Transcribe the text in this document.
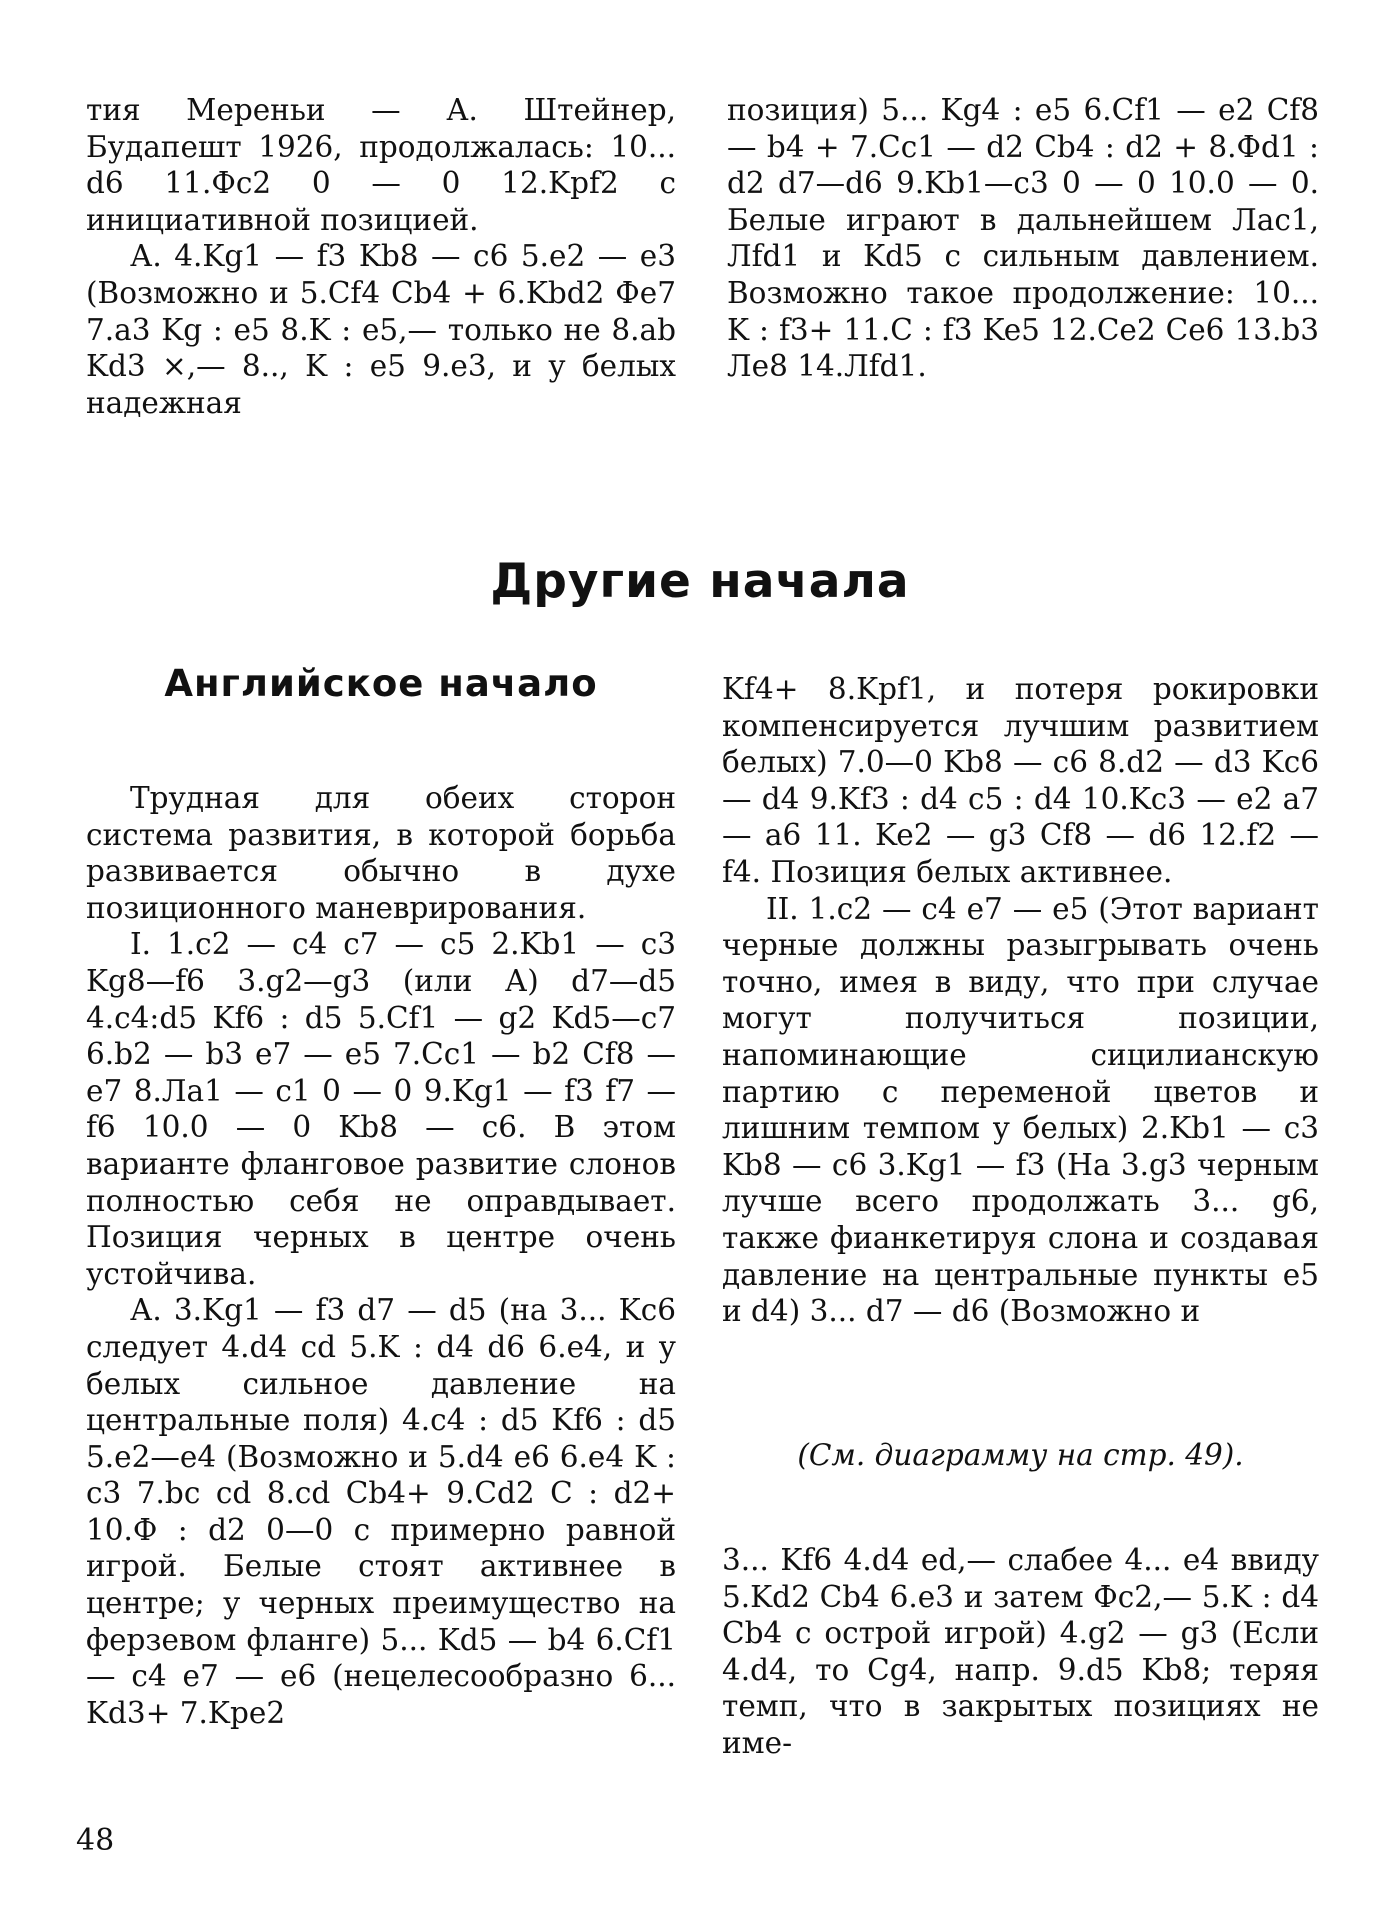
тия Мереньи — А. Штейнер, Будапешт 1926, продолжалась: 10... d6 11.Фс2 0 — 0 12.Kpf2 с инициативной позицией.

А. 4.Kg1 — f3 Kb8 — c6 5.e2 — e3 (Возможно и 5.Cf4 Cb4 + 6.Kbd2 Фe7 7.a3 Kg : e5 8.K : e5,— только не 8.ab Kd3 ×,— 8.., K : e5 9.e3, и у белых надежная

позиция) 5... Kg4 : e5 6.Cf1 — e2 Cf8 — b4 + 7.Cc1 — d2 Cb4 : d2 + 8.Фd1 : d2 d7—d6 9.Kb1—c3 0 — 0 10.0 — 0. Белые играют в дальнейшем Лас1, Лfd1 и Kd5 с сильным давлением. Возможно такое продолжение: 10... K : f3+ 11.C : f3 Ke5 12.Ce2 Ce6 13.b3 Ле8 14.Лfd1.

Другие начала
Английское начало

Трудная для обеих сторон система развития, в которой борьба развивается обычно в духе позиционного маневрирования.

I. 1.c2 — c4 c7 — c5 2.Kb1 — c3 Kg8—f6 3.g2—g3 (или А) d7—d5 4.c4:d5 Kf6 : d5 5.Cf1 — g2 Kd5—c7 6.b2 — b3 e7 — e5 7.Cc1 — b2 Cf8 — e7 8.Ла1 — c1 0 — 0 9.Kg1 — f3 f7 — f6 10.0 — 0 Kb8 — c6. В этом варианте фланговое развитие слонов полностью себя не оправдывает. Позиция черных в центре очень устойчива.

А. 3.Kg1 — f3 d7 — d5 (на 3... Kc6 следует 4.d4 cd 5.K : d4 d6 6.e4, и у белых сильное давление на центральные поля) 4.c4 : d5 Kf6 : d5 5.e2—e4 (Возможно и 5.d4 e6 6.e4 K : c3 7.bc cd 8.cd Cb4+ 9.Cd2 C : d2+ 10.Ф : d2 0—0 с примерно равной игрой. Белые стоят активнее в центре; у черных преимущество на ферзевом фланге) 5... Kd5 — b4 6.Cf1 — c4 e7 — e6 (нецелесообразно 6... Kd3+ 7.Kpe2

Kf4+ 8.Kpf1, и потеря рокировки компенсируется лучшим развитием белых) 7.0—0 Kb8 — c6 8.d2 — d3 Kc6 — d4 9.Kf3 : d4 c5 : d4 10.Kc3 — e2 a7 — a6 11. Ke2 — g3 Cf8 — d6 12.f2 — f4. Позиция белых активнее.

II. 1.c2 — c4 e7 — e5 (Этот вариант черные должны разыгрывать очень точно, имея в виду, что при случае могут получиться позиции, напоминающие сицилианскую партию с переменой цветов и лишним темпом у белых) 2.Kb1 — c3 Kb8 — c6 3.Kg1 — f3 (На 3.g3 черным лучше всего продолжать 3... g6, также фианкетируя слона и создавая давление на центральные пункты e5 и d4) 3... d7 — d6 (Возможно и

(См. диаграмму на стр. 49).

3... Kf6 4.d4 ed,— слабее 4... e4 ввиду 5.Kd2 Cb4 6.e3 и затем Фс2,— 5.K : d4 Cb4 с острой игрой) 4.g2 — g3 (Если 4.d4, то Cg4, напр. 9.d5 Kb8; теряя темп, что в закрытых позициях не име-

48
